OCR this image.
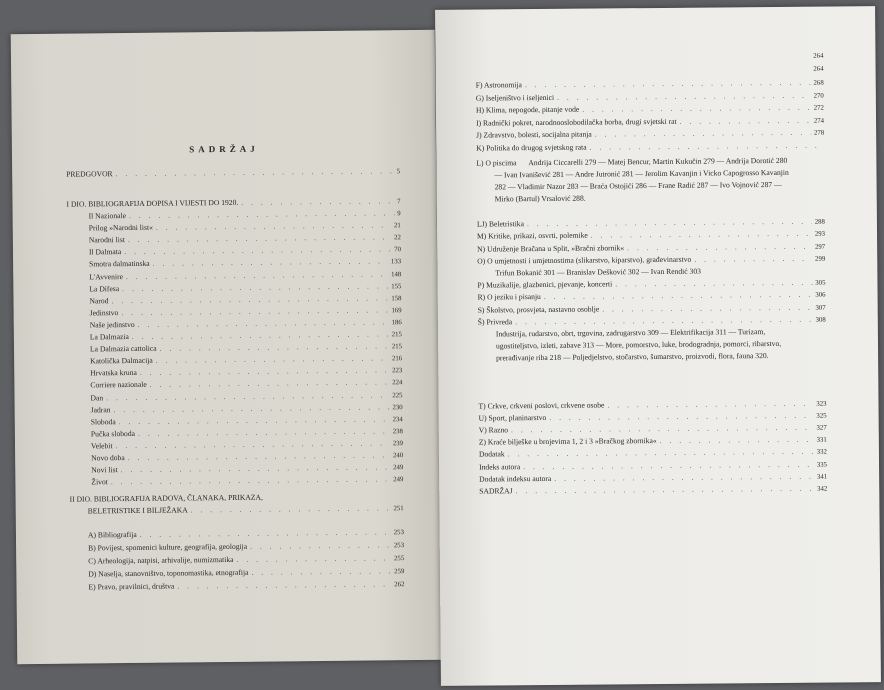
SADRŽAJ
PREDGOVOR . . .	5
I DIO. BIBLIOGRAFIJA DOPISA I VIJESTI DO 1920. . . .	7
Il Nazionale . . .	9
Prilog »Narodni list« . . .	21
Narodni list . . .	22
Il Dalmata . . .	70
Smotra dalmatinska . . .	133
L'Avvenire . . .	148
La Difesa . . .	155
Narod . . .	158
Jedinstvo . . .	169
Naše jedinstvo . . .	186
La Dalmazia . . .	215
La Dalmazia cattolica . . .	215
Katolička Dalmacija . . .	216
Hrvatska kruna . . .	223
Corriere nazionale . . .	224
Dan . . .	225
Jadran . . .	230
Sloboda . . .	234
Pučka sloboda . . .	238
Velebit . . .	239
Novo doba . . .	240
Novi list . . .	249
Život . . .	249
II DIO. BIBLIOGRAFIJA RADOVA, ČLANAKA, PRIKAZA,
BELETRISTIKE I BILJEŽAKA . . .	251
A) Bibliografija . . .	253
B) Povijest, spomenici kulture, geografija, geologija . . .	253
C) Arheologija, natpisi, arhivalije, numizmatika . . .	255
D) Naselja, stanovništvo, toponomastika, etnografija . . .	259
E) Pravo, pravilnici, društva . . .	262
264
264
F) Astronomija . . .	268
G) Iseljeništvo i iseljenici . . .	270
H) Klima, nepogode, pitanje vode . . .	272
I) Radnički pokret, narodnooslobodilačka borba, drugi svjetski rat . . .	274
J) Zdravstvo, bolesti, socijalna pitanja . . .	278
K) Politika do drugog svjetskog rata
. . .
L) O piscima	Andrija Ciccarelli 279 — Matej Bencur, Martin Kukučin 279 — Andrija Dorotić 280 — Ivan Ivanišević 281 — Andre Jutronić 281 — Jerolim Kavanjin i Vicko Capogrosso Kavanjin 282 — Vladimir Nazor 283 — Braća Ostojići 286 — Frane Radić 287 — Ivo Vojnović 287 — Mirko (Bartul) Vrsalović 288.
LJ) Beletristika . . .	288
M) Kritike, prikazi, osvrti, polemike . . .	293
N) Udruženje Bračana u Split, »Bračni zbornik« . . .	297
O) O umjetnosti i umjetnostima (slikarstvo, kiparstvo), građevinarstvo . . .	299
Trifun Bokanić 301 — Branislav Dešković 302 — Ivan Rendić 303
P) Muzikalije, glazbenici, pjevanje, koncerti . . .	305
R) O jeziku i pisanju . . .	306
S) Školstvo, prosvjeta, nastavno osoblje . . .	307
Š) Privreda . . .	308
Industrija, rudarstvo, obrt, trgovina, zadrugarstvo 309 — Elektrifikacija 311 — Turizam, ugostiteljstvo, izleti, zabave 313 — More, pomorstvo, luke, brodogradnja, pomorci, ribarstvo, prerađivanje riba 218 — Poljedjelstvo, stočarstvo, šumarstvo, proizvodi, flora, fauna 320.
T) Crkve, crkveni poslovi, crkvene osobe . . .	323
U) Sport, planinarstvo . . .	325
V) Razno . . .	327
Z) Kraće bilješke u brojevima 1, 2 i 3 »Bračkog zbornika« . . .	331
Dodatak . . .	332
Indeks autora . . .	335
Dodatak indeksu autora . . .	341
SADRŽAJ . . .	342
